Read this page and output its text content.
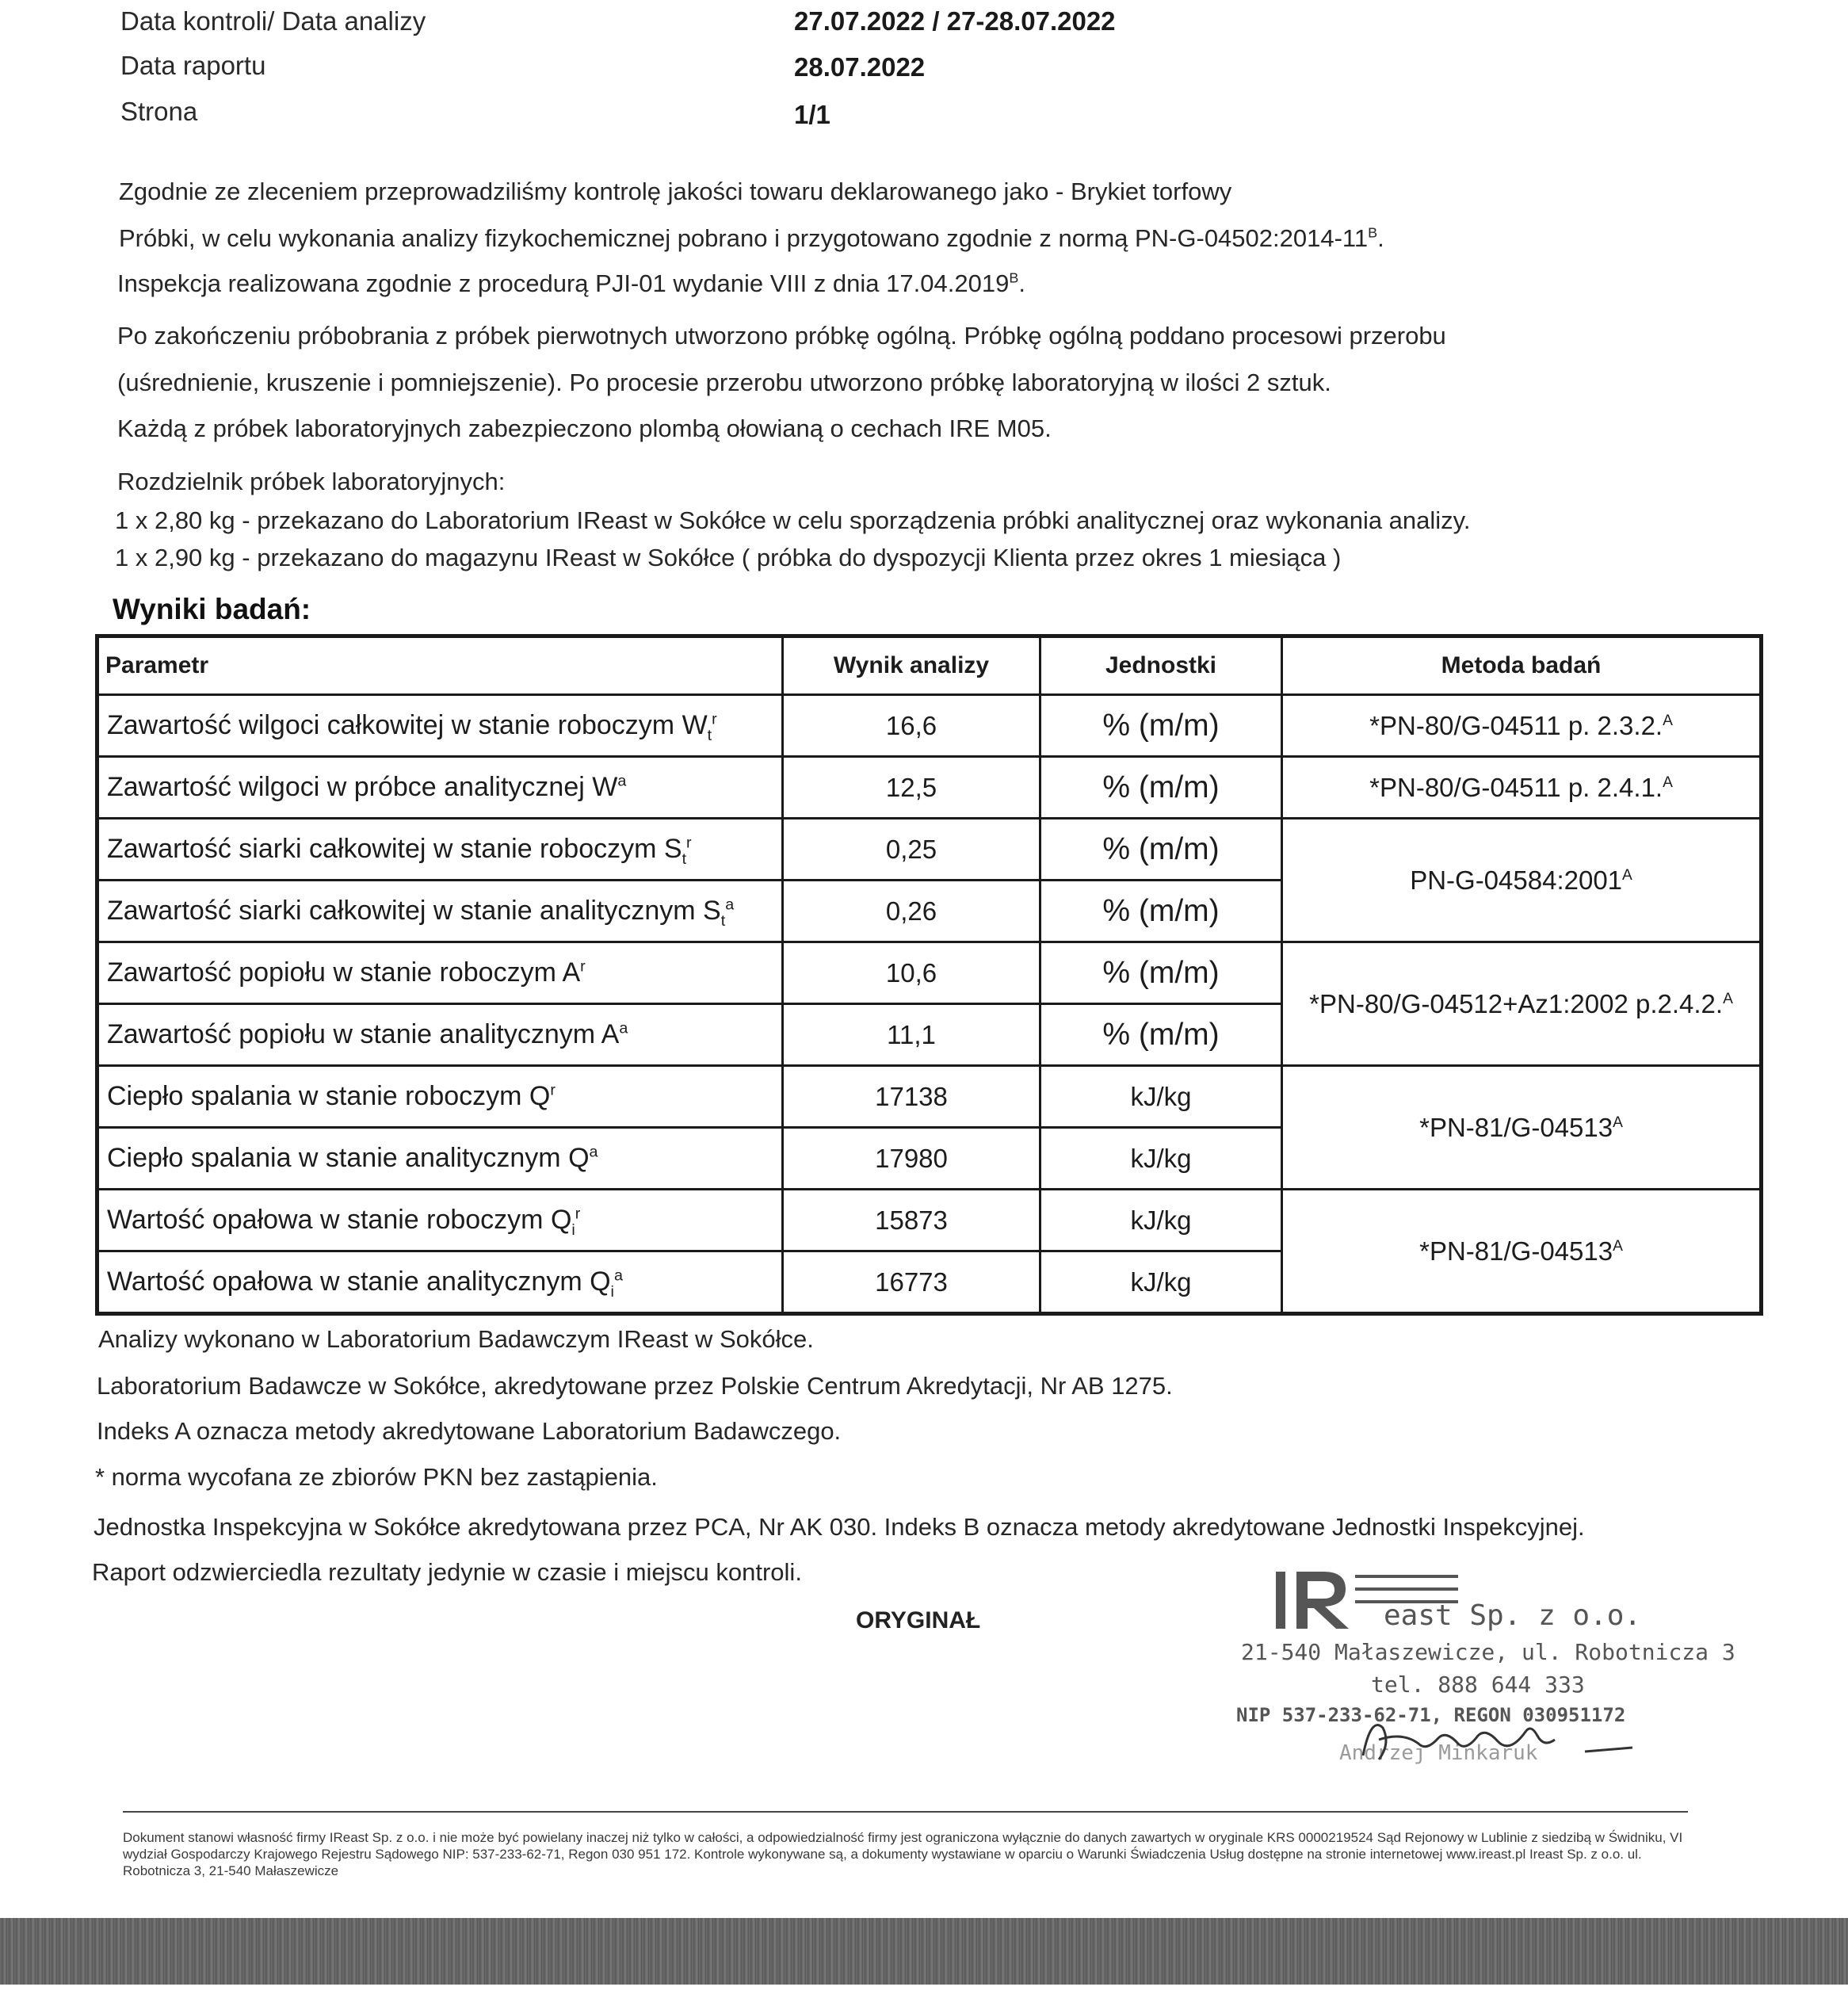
Data kontroli/ Data analizy	27.07.2022 / 27-28.07.2022
Data raportu	28.07.2022
Strona	1/1
Zgodnie ze zleceniem przeprowadziliśmy kontrolę jakości towaru deklarowanego jako - Brykiet torfowy
Próbki, w celu wykonania analizy fizykochemicznej pobrano i przygotowano zgodnie z normą $PN-G-04502:2014-11^B$.
Inspekcja realizowana zgodnie z procedurą PJI-01 wydanie VIII z dnia $17.04.2019^B$.
Po zakończeniu próbobrania z próbek pierwotnych utworzono próbkę ogólną. Próbkę ogólną poddano procesowi przerobu
(uśrednienie, kruszenie i pomniejszenie). Po procesie przerobu utworzono próbkę laboratoryjną w ilości 2 sztuk.
Każdą z próbek laboratoryjnych zabezpieczono plombą ołowianą o cechach IRE M05.
Rozdzielnik próbek laboratoryjnych:
1 x 2,80 kg - przekazano do Laboratorium IReast w Sokółce w celu sporządzenia próbki analitycznej oraz wykonania analizy.
1 x 2,90 kg - przekazano do magazynu IReast w Sokółce ( próbka do dyspozycji Klienta przez okres 1 miesiąca )
Wyniki badań:
Parametr	Wynik analizy	Jednostki	Metoda badań
Zawartość wilgoci całkowitej w stanie roboczym $W_t^r$	16,6	% (m/m)	*PN-80/G-04511 p. 2.3.2.$^A$
Zawartość wilgoci w próbce analitycznej $W^a$	12,5	% (m/m)	*PN-80/G-04511 p. 2.4.1.$^A$
Zawartość siarki całkowitej w stanie roboczym $S_t^r$	0,25	% (m/m)	$PN-G-04584:2001^A$
Zawartość siarki całkowitej w stanie analitycznym $S_t^a$	0,26	% (m/m)	
Zawartość popiołu w stanie roboczym $A^r$	10,6	% (m/m)	*PN-80/G-04512+Az1:2002 p.2.4.2.$^A$
Zawartość popiołu w stanie analitycznym $A^a$	11,1	% (m/m)	
Ciepło spalania w stanie roboczym $Q^r$	17138	kJ/kg	$*PN-81/G-04513^A$
Ciepło spalania w stanie analitycznym $Q^a$	17980	kJ/kg	
Wartość opałowa w stanie roboczym $Q_i^r$	15873	kJ/kg	$*PN-81/G-04513^A$
Wartość opałowa w stanie analitycznym $Q_i^a$	16773	kJ/kg	
Analizy wykonano w Laboratorium Badawczym IReast w Sokółce.
Laboratorium Badawcze w Sokółce, akredytowane przez Polskie Centrum Akredytacji, Nr AB 1275.
Indeks A oznacza metody akredytowane Laboratorium Badawczego.
* norma wycofana ze zbiorów PKN bez zastąpienia.
Jednostka Inspekcyjna w Sokółce akredytowana przez PCA, Nr AK 030. Indeks B oznacza metody akredytowane Jednostki Inspekcyjnej.
Raport odzwierciedla rezultaty jedynie w czasie i miejscu kontroli.
ORYGINAŁ	east Sp. z o.o.
21-540 Małaszewicze, ul. Robotnicza 3
tel. 888 644 333
NIP 537-233-62-71, REGON 030951172
Andrzej Minkaruk
Dokument stanowi własność firmy IReast Sp. z o.o. i nie może być powielany inaczej niż tylko w całości, a odpowiedzialność firmy jest ograniczona wyłącznie do danych zawartych w oryginale KRS 0000219524 Sąd Rejonowy w Lublinie z siedzibą w Świdniku, VI wydział Gospodarczy Krajowego Rejestru Sądowego NIP: 537-233-62-71, Regon 030 951 172. Kontrole wykonywane są, a dokumenty wystawiane w oparciu o Warunki Świadczenia Usług dostępne na stronie internetowej www.ireast.pl Ireast Sp. z o.o. ul. Robotnicza 3, 21-540 Małaszewicze
